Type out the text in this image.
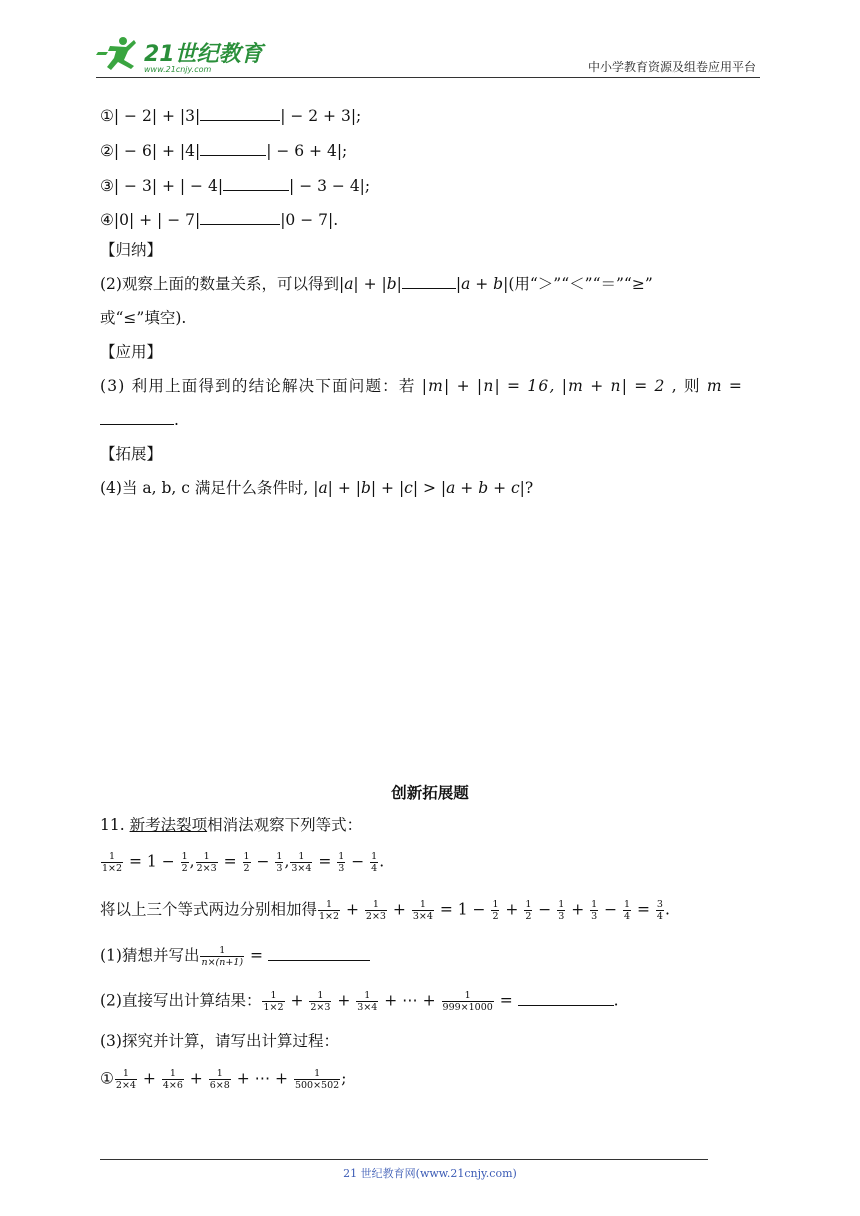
21世纪教育
www.21cnjy.com	中小学教育资源及组卷应用平台
①| − 2| + |3|	| − 2 + 3|;
②| − 6| + |4|	| − 6 + 4|;
③| − 3| + | − 4|	| − 3 − 4|;
④|0| + | − 7|	|0 − 7|.
【归纳】
(2)观察上面的数量关系，可以得到|a| + |b|	|a + b|(用“＞”“＜”“＝”“≥”
或“≤”填空).
【应用】
(3) 利用上面得到的结论解决下面问题：若 |m| + |n| = 16, |m + n| = 2 , 则 m =
.
【拓展】
(4)当 a, b, c 满足什么条件时, |a| + |b| + |c| > |a + b + c|?
创新拓展题
11. 新考法裂项相消法观察下列等式：
$\frac{1}{1\times 2} = 1 - \frac{1}{2}$ , $\frac{1}{2\times 3} = \frac{1}{2} - \frac{1}{3}$ , $\frac{1}{3\times 4} = \frac{1}{3} - \frac{1}{4}$ .
将以上三个等式两边分别相加得 $\frac{1}{1\times 2} + \frac{1}{2\times 3} + \frac{1}{3\times 4} = 1 - \frac{1}{2} + \frac{1}{2} - \frac{1}{3} + \frac{1}{3} - \frac{1}{4} = \frac{3}{4}$ .
(1)猜想并写出 $\frac{1}{n\times(n+1)}$ =
(2)直接写出计算结果： $\frac{1}{1\times 2} + \frac{1}{2\times 3} + \frac{1}{3\times 4}$ + ⋯ + $\frac{1}{999\times 1000}$ =	.
(3)探究并计算，请写出计算过程：
① $\frac{1}{2\times 4} + \frac{1}{4\times 6} + \frac{1}{6\times 8}$ + ⋯ + $\frac{1}{500\times 502}$ ;
21 世纪教育网(www.21cnjy.com)
